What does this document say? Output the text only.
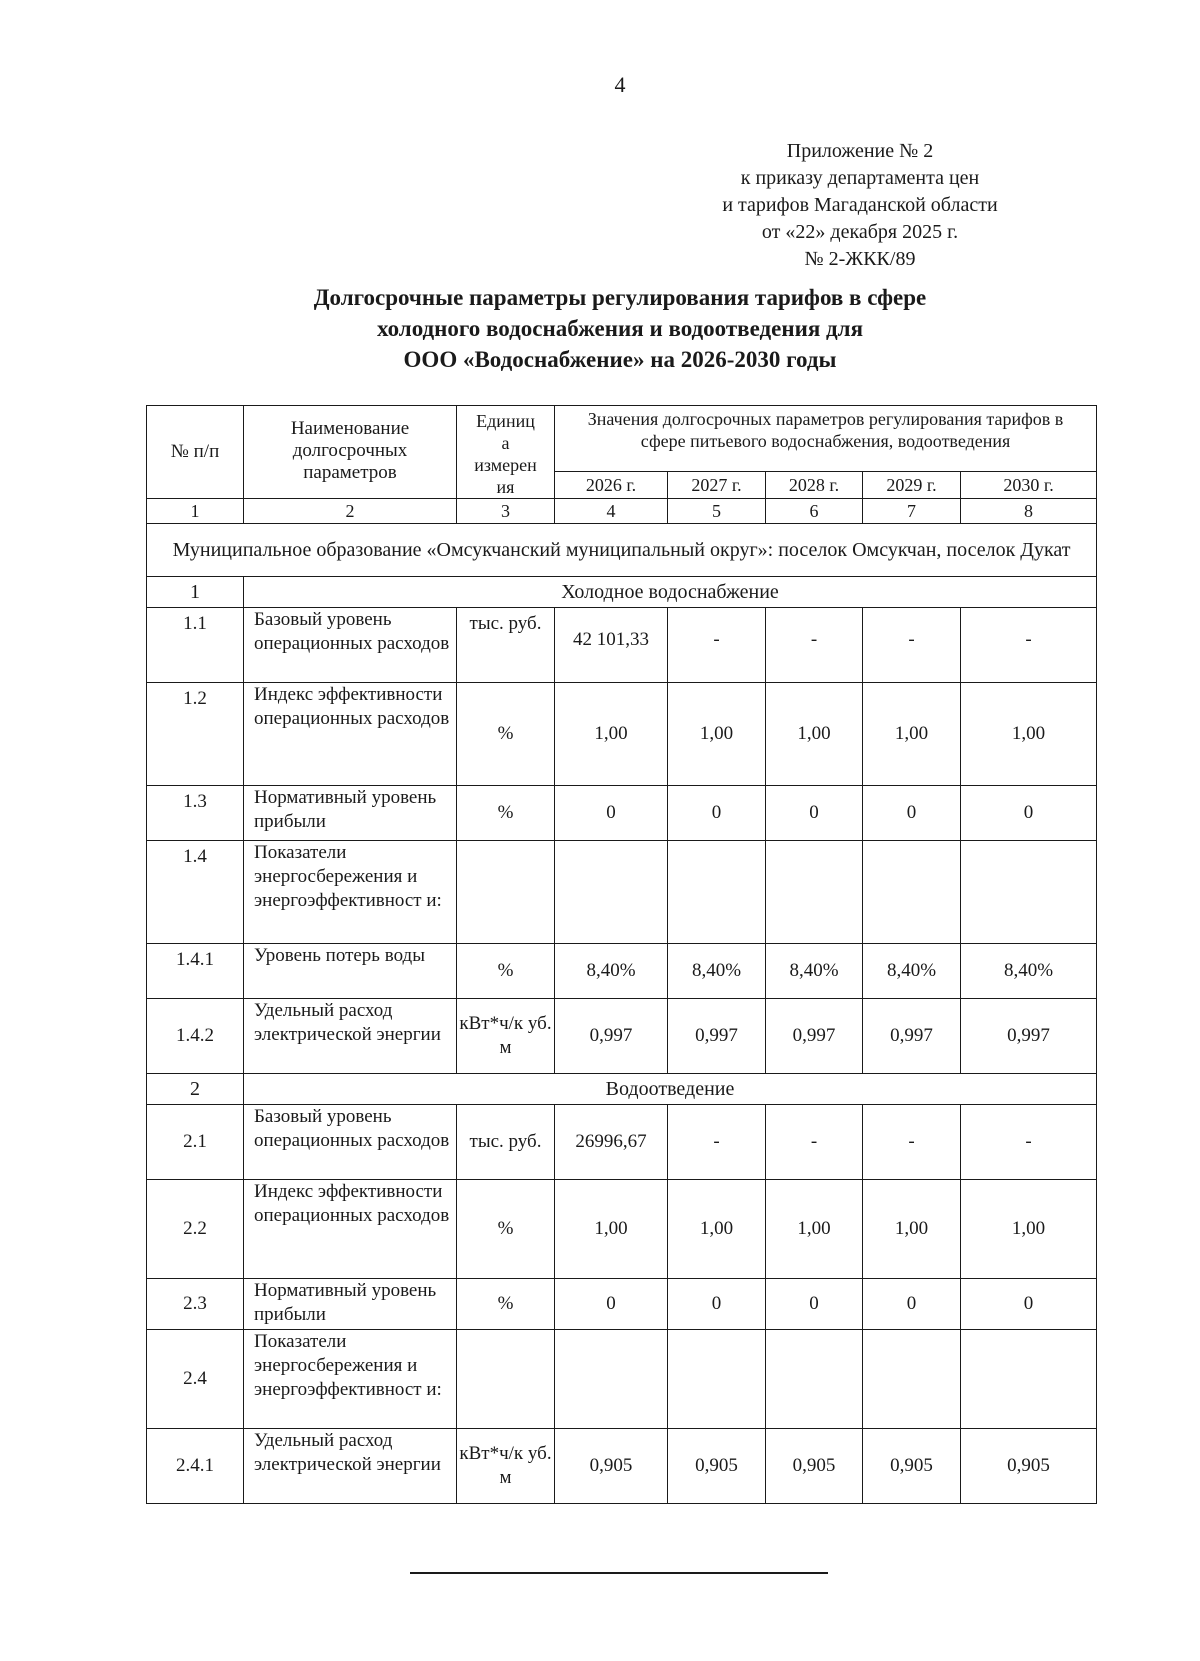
4
Приложение № 2
к приказу департамента цен
и тарифов Магаданской области
от «22» декабря 2025 г.
№ 2-ЖКК/89
Долгосрочные параметры регулирования тарифов в сфере
холодного водоснабжения и водоотведения для
ООО «Водоснабжение» на 2026-2030 годы
№ п/п	Наименование долгосрочных параметров	Единиц
а
измерен
ия	Значения долгосрочных параметров регулирования тарифов в сфере питьевого водоснабжения, водоотведения				
			2026 г.	2027 г.	2028 г.	2029 г.	2030 г.
1	2	3	4	5	6	7	8
Муниципальное образование «Омсукчанский муниципальный округ»: поселок Омсукчан, поселок Дукат							
1	Холодное водоснабжение						
1.1	Базовый уровень операционных расходов	тыс. руб.	42 101,33	-	-	-	-
1.2	Индекс эффективности операционных расходов	%	1,00	1,00	1,00	1,00	1,00
1.3	Нормативный уровень прибыли	%	0	0	0	0	0
1.4	Показатели энергосбережения и энергоэффективност и:						
1.4.1	Уровень потерь воды	%	8,40%	8,40%	8,40%	8,40%	8,40%
1.4.2	Удельный расход электрической энергии	кВт*ч/к уб. м	0,997	0,997	0,997	0,997	0,997
2	Водоотведение						
2.1	Базовый уровень операционных расходов	тыс. руб.	26996,67	-	-	-	-
2.2	Индекс эффективности операционных расходов	%	1,00	1,00	1,00	1,00	1,00
2.3	Нормативный уровень прибыли	%	0	0	0	0	0
2.4	Показатели энергосбережения и энергоэффективност и:						
2.4.1	Удельный расход электрической энергии	кВт*ч/к уб. м	0,905	0,905	0,905	0,905	0,905
